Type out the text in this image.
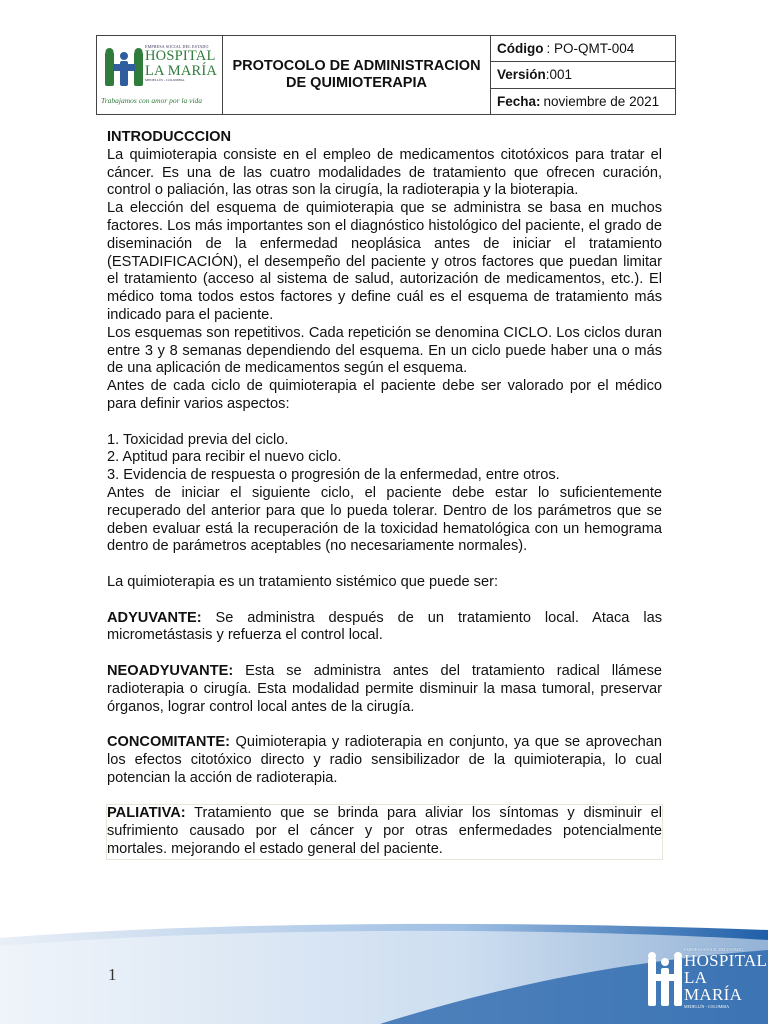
EMPRESA SOCIAL DEL ESTADO
HOSPITAL
LA MARÍA
MEDELLÍN - COLOMBIA
Trabajamos con amor por la vida
PROTOCOLO DE ADMINISTRACION
DE QUIMIOTERAPIA
Código : PO-QMT-004
Versión :001
Fecha: noviembre de 2021
INTRODUCCCION

La quimioterapia consiste en el empleo de medicamentos citotóxicos para tratar el cáncer. Es una de las cuatro modalidades de tratamiento que ofrecen curación, control o paliación, las otras son la cirugía, la radioterapia y la bioterapia.

La elección del esquema de quimioterapia que se administra se basa en muchos factores. Los más importantes son el diagnóstico histológico del paciente, el grado de diseminación de la enfermedad neoplásica antes de iniciar el tratamiento (ESTADIFICACIÓN), el desempeño del paciente y otros factores que puedan limitar el tratamiento (acceso al sistema de salud, autorización de medicamentos, etc.). El médico toma todos estos factores y define cuál es el esquema de tratamiento más indicado para el paciente.

Los esquemas son repetitivos. Cada repetición se denomina CICLO. Los ciclos duran entre 3 y 8 semanas dependiendo del esquema. En un ciclo puede haber una o más de una aplicación de medicamentos según el esquema.

Antes de cada ciclo de quimioterapia el paciente debe ser valorado por el médico para definir varios aspectos:

1. Toxicidad previa del ciclo.

2. Aptitud para recibir el nuevo ciclo.

3. Evidencia de respuesta o progresión de la enfermedad, entre otros.

Antes de iniciar el siguiente ciclo, el paciente debe estar lo suficientemente recuperado del anterior para que lo pueda tolerar. Dentro de los parámetros que se deben evaluar está la recuperación de la toxicidad hematológica con un hemograma dentro de parámetros aceptables (no necesariamente normales).

La quimioterapia es un tratamiento sistémico que puede ser:

ADYUVANTE: Se administra después de un tratamiento local. Ataca las micrometástasis y refuerza el control local.

NEOADYUVANTE: Esta se administra antes del tratamiento radical llámese radioterapia o cirugía. Esta modalidad permite disminuir la masa tumoral, preservar órganos, lograr control local antes de la cirugía.

CONCOMITANTE: Quimioterapia y radioterapia en conjunto, ya que se aprovechan los efectos citotóxico directo y radio sensibilizador de la quimioterapia, lo cual potencian la acción de radioterapia.

PALIATIVA: Tratamiento que se brinda para aliviar los síntomas y disminuir el sufrimiento causado por el cáncer y por otras enfermedades potencialmente mortales. mejorando el estado general del paciente.

1
EMPRESA SOCIAL DEL ESTADO
HOSPITAL
LA MARÍA
MEDELLÍN - COLOMBIA
